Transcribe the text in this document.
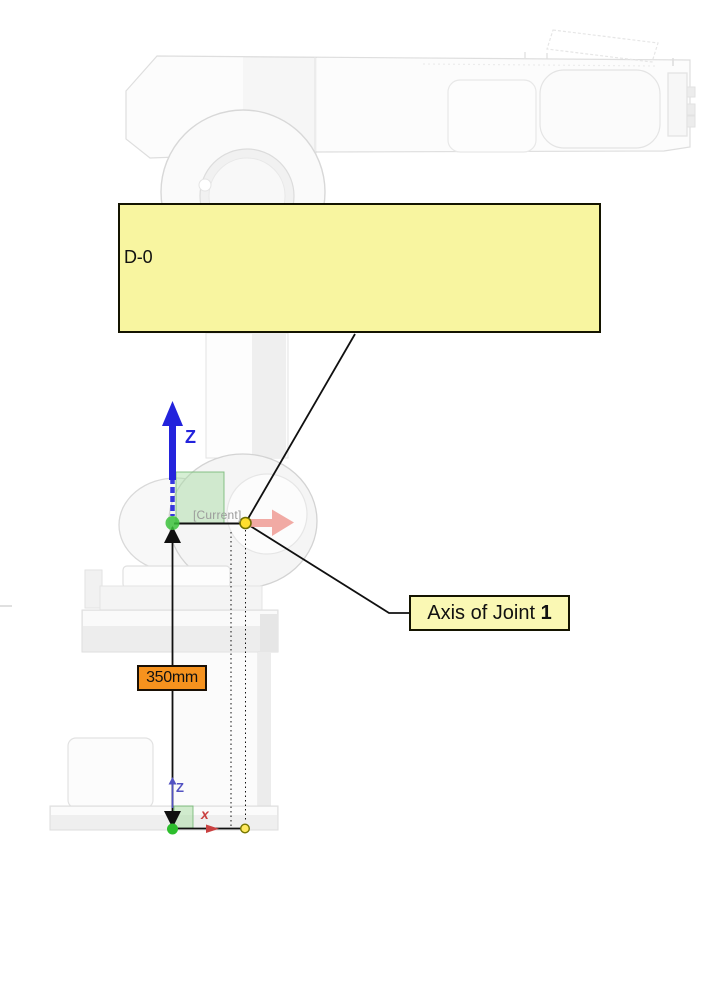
D-0

Axis of Joint 1
350mm
[Current]
Z
Z
x
